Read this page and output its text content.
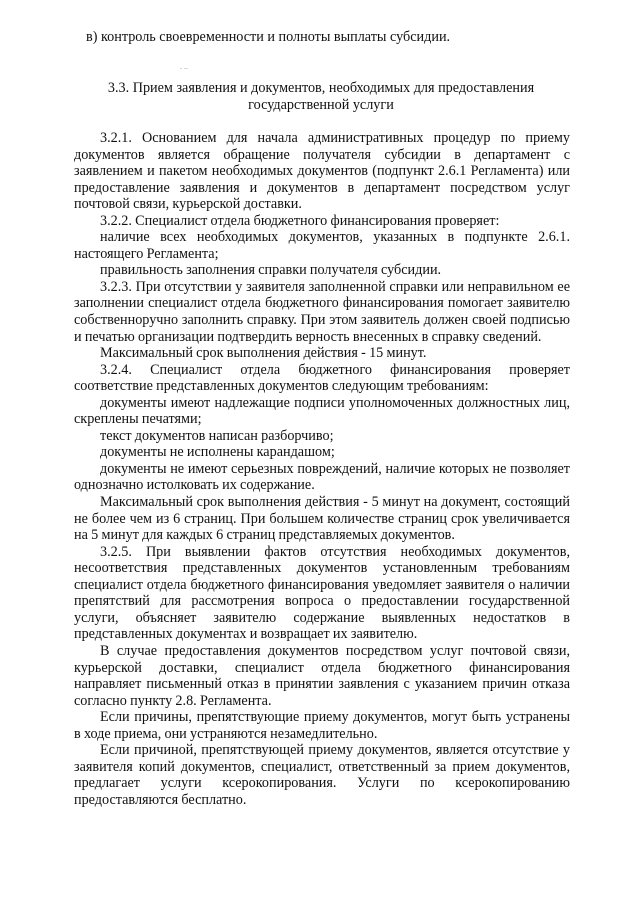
в) контроль своевременности и полноты выплаты субсидии.
. ..
3.3. Прием заявления и документов, необходимых для предоставления
государственной услуги

3.2.1. Основанием для начала административных процедур по приему документов является обращение получателя субсидии в департамент с заявлением и пакетом необходимых документов (подпункт 2.6.1 Регламента) или предоставление заявления и документов в департамент посредством услуг почтовой связи, курьерской доставки.

3.2.2. Специалист отдела бюджетного финансирования проверяет:

наличие всех необходимых документов, указанных в подпункте 2.6.1. настоящего Регламента;

правильность заполнения справки получателя субсидии.

3.2.3. При отсутствии у заявителя заполненной справки или неправильном ее заполнении специалист отдела бюджетного финансирования помогает заявителю собственноручно заполнить справку. При этом заявитель должен своей подписью и печатью организации подтвердить верность внесенных в справку сведений.

Максимальный срок выполнения действия - 15 минут.

3.2.4. Специалист отдела бюджетного финансирования проверяет соответствие представленных документов следующим требованиям:

документы имеют надлежащие подписи уполномоченных должностных лиц, скреплены печатями;

текст документов написан разборчиво;

документы не исполнены карандашом;

документы не имеют серьезных повреждений, наличие которых не позволяет однозначно истолковать их содержание.

Максимальный срок выполнения действия - 5 минут на документ, состоящий не более чем из 6 страниц. При большем количестве страниц срок увеличивается на 5 минут для каждых 6 страниц представляемых документов.

3.2.5. При выявлении фактов отсутствия необходимых документов, несоответствия представленных документов установленным требованиям специалист отдела бюджетного финансирования уведомляет заявителя о наличии препятствий для рассмотрения вопроса о предоставлении государственной услуги, объясняет заявителю содержание выявленных недостатков в представленных документах и возвращает их заявителю.

В случае предоставления документов посредством услуг почтовой связи, курьерской доставки, специалист отдела бюджетного финансирования направляет письменный отказ в принятии заявления с указанием причин отказа согласно пункту 2.8. Регламента.

Если причины, препятствующие приему документов, могут быть устранены в ходе приема, они устраняются незамедлительно.

Если причиной, препятствующей приему документов, является отсутствие у заявителя копий документов, специалист, ответственный за прием документов, предлагает услуги ксерокопирования. Услуги по ксерокопированию предоставляются бесплатно.
